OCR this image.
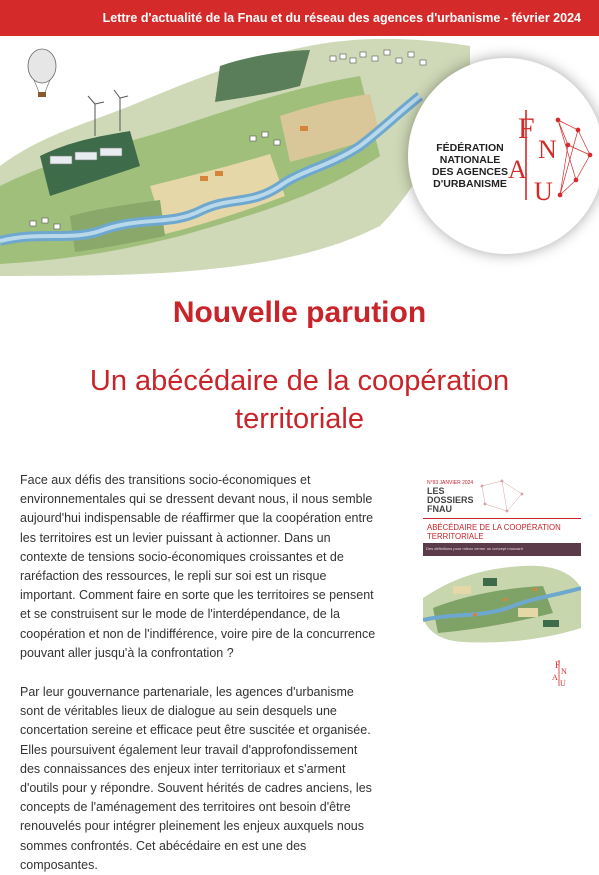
Lettre d'actualité de la Fnau et du réseau des agences d'urbanisme - février 2024
FÉDÉRATION
NATIONALE
DES AGENCES
D'URBANISME
F
N
A
U
Nouvelle parution
Un abécédaire de la coopération
territoriale
Face aux défis des transitions socio-économiques et environnementales qui se dressent devant nous, il nous semble aujourd'hui indispensable de réaffirmer que la coopération entre les territoires est un levier puissant à actionner. Dans un contexte de tensions socio-économiques croissantes et de raréfaction des ressources, le repli sur soi est un risque important. Comment faire en sorte que les territoires se pensent et se construisent sur le mode de l'interdépendance, de la coopération et non de l'indifférence, voire pire de la concurrence pouvant aller jusqu'à la confrontation ?
Par leur gouvernance partenariale, les agences d'urbanisme sont de véritables lieux de dialogue au sein desquels une concertation sereine et efficace peut être suscitée et organisée. Elles poursuivent également leur travail d'approfondissement des connaissances des enjeux inter territoriaux et s'arment d'outils pour y répondre. Souvent hérités de cadres anciens, les concepts de l'aménagement des territoires ont besoin d'être renouvelés pour intégrer pleinement les enjeux auxquels nous sommes confrontés. Cet abécédaire en est une des composantes.
N°93 JANVIER 2024
LES DOSSIERS FNAU
ABÉCÉDAIRE DE LA COOPÉRATION TERRITORIALE
Des définitions pour mieux cerner un concept mouvant
F
N
A
U
